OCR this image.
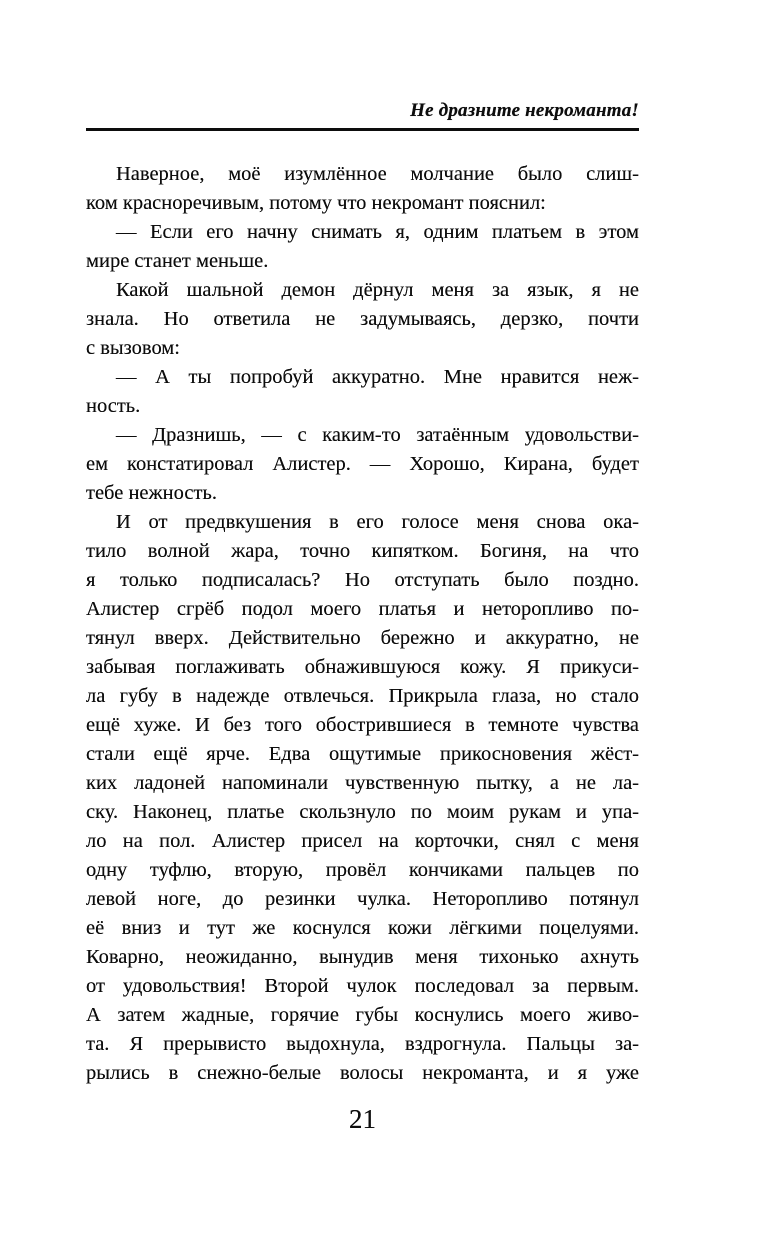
Не дразните некроманта!
Наверное, моё изумлённое молчание было слиш-
ком красноречивым, потому что некромант пояснил:
— Если его начну снимать я, одним платьем в этом
мире станет меньше.
Какой шальной демон дёрнул меня за язык, я не
знала. Но ответила не задумываясь, дерзко, почти
с вызовом:
— А ты попробуй аккуратно. Мне нравится неж-
ность.
— Дразнишь, — с каким-то затаённым удовольстви-
ем констатировал Алистер. — Хорошо, Кирана, будет
тебе нежность.
И от предвкушения в его голосе меня снова ока-
тило волной жара, точно кипятком. Богиня, на что
я только подписалась? Но отступать было поздно.
Алистер сгрёб подол моего платья и неторопливо по-
тянул вверх. Действительно бережно и аккуратно, не
забывая поглаживать обнажившуюся кожу. Я прикуси-
ла губу в надежде отвлечься. Прикрыла глаза, но стало
ещё хуже. И без того обострившиеся в темноте чувства
стали ещё ярче. Едва ощутимые прикосновения жёст-
ких ладоней напоминали чувственную пытку, а не ла-
ску. Наконец, платье скользнуло по моим рукам и упа-
ло на пол. Алистер присел на корточки, снял с меня
одну туфлю, вторую, провёл кончиками пальцев по
левой ноге, до резинки чулка. Неторопливо потянул
её вниз и тут же коснулся кожи лёгкими поцелуями.
Коварно, неожиданно, вынудив меня тихонько ахнуть
от удовольствия! Второй чулок последовал за первым.
А затем жадные, горячие губы коснулись моего живо-
та. Я прерывисто выдохнула, вздрогнула. Пальцы за-
рылись в снежно-белые волосы некроманта, и я уже
21
